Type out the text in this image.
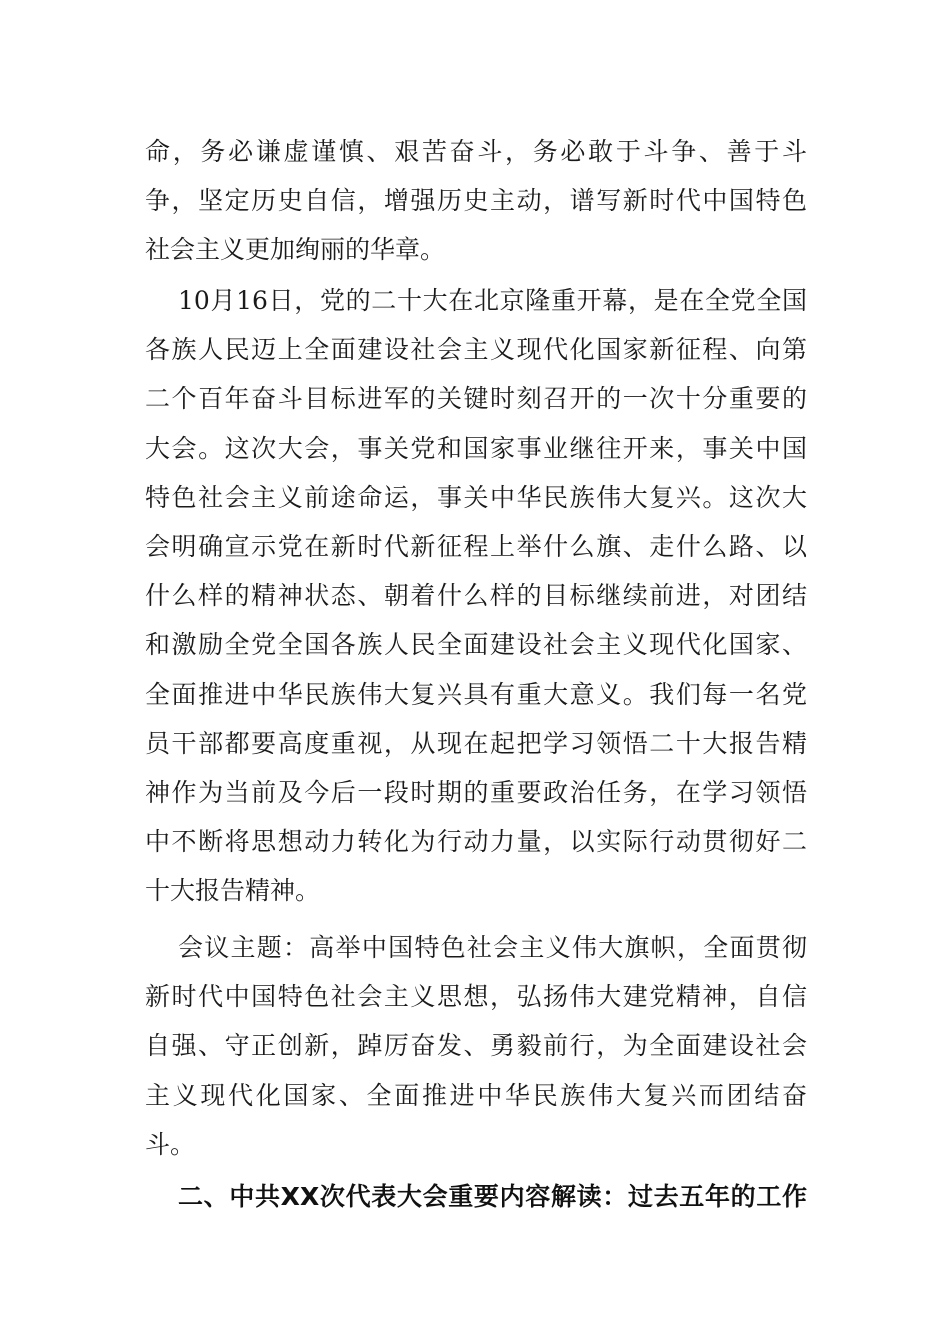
命，务必谦虚谨慎、艰苦奋斗，务必敢于斗争、善于斗
争，坚定历史自信，增强历史主动，谱写新时代中国特色
社会主义更加绚丽的华章。
10月16日，党的二十大在北京隆重开幕，是在全党全国
各族人民迈上全面建设社会主义现代化国家新征程、向第
二个百年奋斗目标进军的关键时刻召开的一次十分重要的
大会。这次大会，事关党和国家事业继往开来，事关中国
特色社会主义前途命运，事关中华民族伟大复兴。这次大
会明确宣示党在新时代新征程上举什么旗、走什么路、以
什么样的精神状态、朝着什么样的目标继续前进，对团结
和激励全党全国各族人民全面建设社会主义现代化国家、
全面推进中华民族伟大复兴具有重大意义。我们每一名党
员干部都要高度重视，从现在起把学习领悟二十大报告精
神作为当前及今后一段时期的重要政治任务，在学习领悟
中不断将思想动力转化为行动力量，以实际行动贯彻好二
十大报告精神。
会议主题：高举中国特色社会主义伟大旗帜，全面贯彻
新时代中国特色社会主义思想，弘扬伟大建党精神，自信
自强、守正创新，踔厉奋发、勇毅前行，为全面建设社会
主义现代化国家、全面推进中华民族伟大复兴而团结奋
斗。
二、中共XX次代表大会重要内容解读：过去五年的工作
